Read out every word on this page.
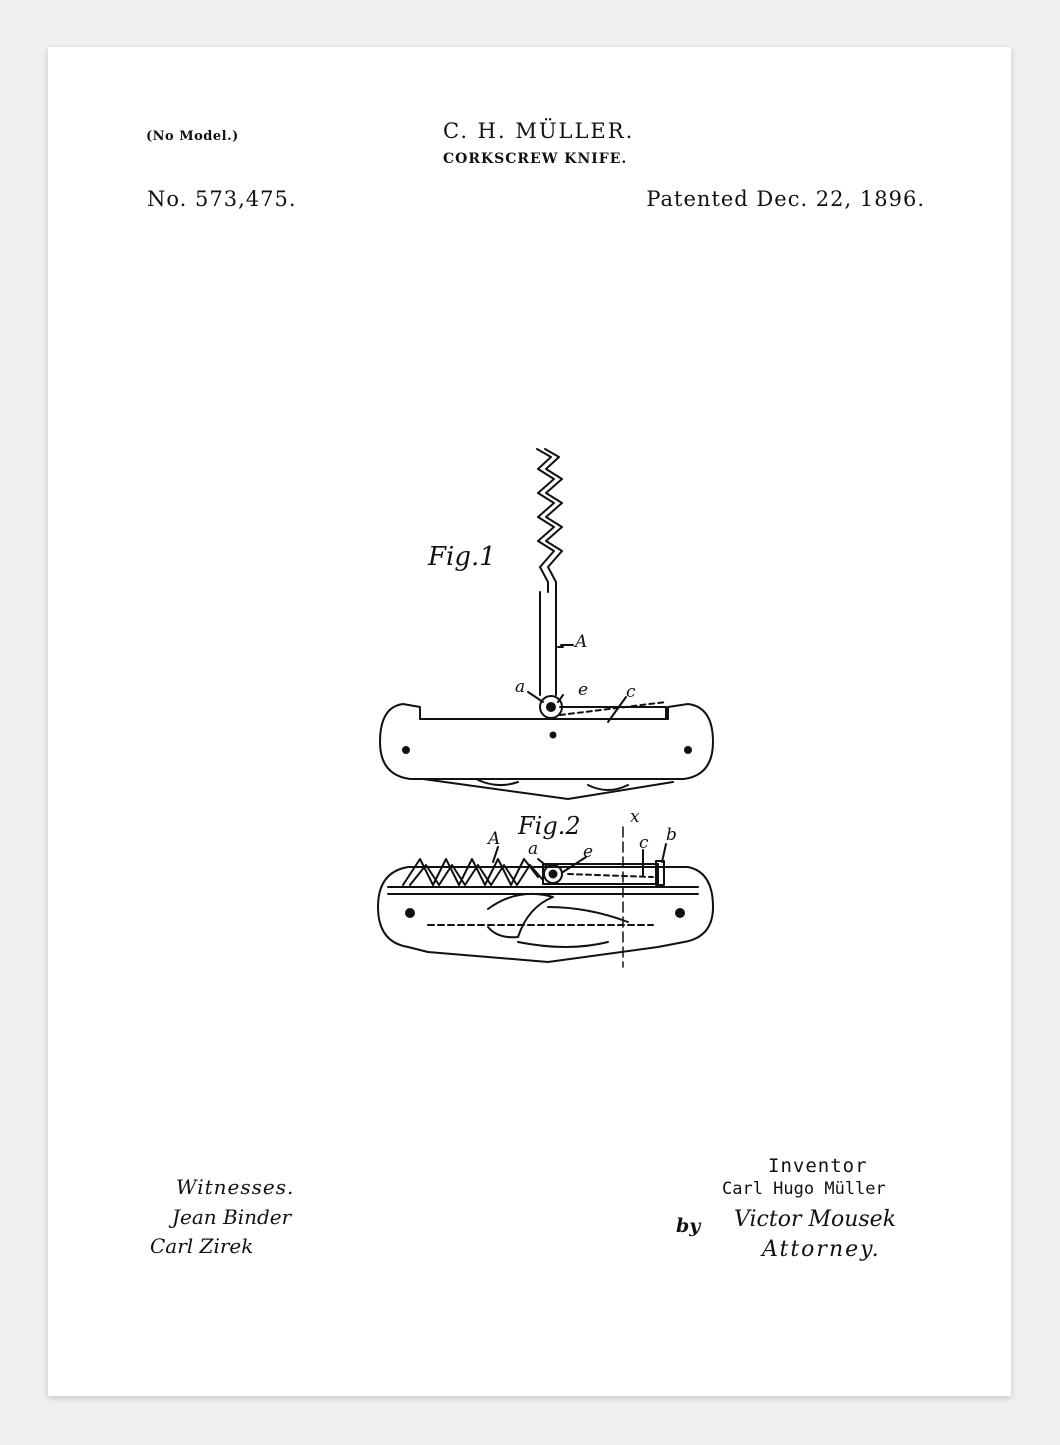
(No Model.)	C. H. MÜLLER.
CORKSCREW KNIFE.
No. 573,475.	Patented Dec. 22, 1896.
Fig.1
Fig.2
A
a	e c
A a	e
x
c b
Witnesses.
Jean Binder
Carl Zirek
Inventor
Carl Hugo Müller
by Victor Mousek
Attorney.
